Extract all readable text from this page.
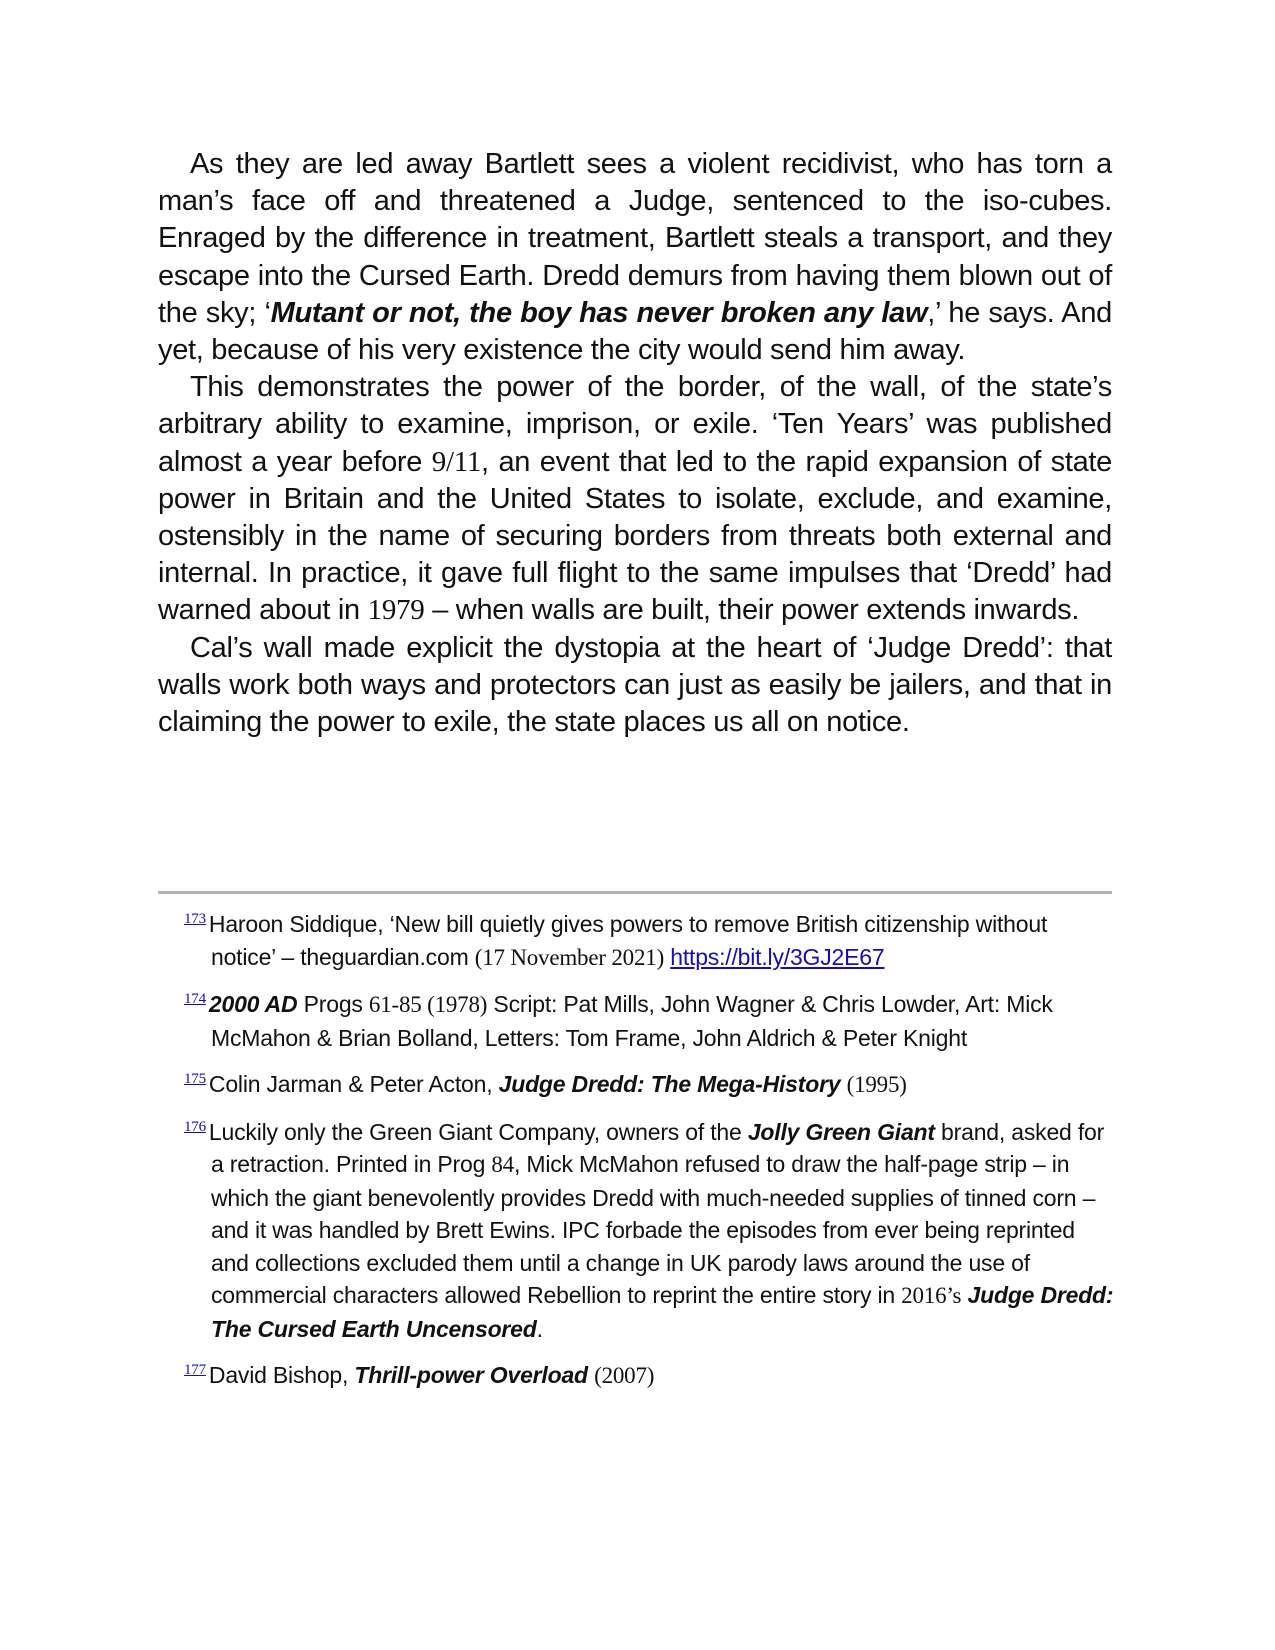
As they are led away Bartlett sees a violent recidivist, who has torn a man’s face off and threatened a Judge, sentenced to the iso-cubes. Enraged by the difference in treatment, Bartlett steals a transport, and they escape into the Cursed Earth. Dredd demurs from having them blown out of the sky; ‘Mutant or not, the boy has never broken any law,’ he says. And yet, because of his very existence the city would send him away.

This demonstrates the power of the border, of the wall, of the state’s arbitrary ability to examine, imprison, or exile. ‘Ten Years’ was published almost a year before 9/11, an event that led to the rapid expansion of state power in Britain and the United States to isolate, exclude, and examine, ostensibly in the name of securing borders from threats both external and internal. In practice, it gave full flight to the same impulses that ‘Dredd’ had warned about in 1979 – when walls are built, their power extends inwards.

Cal’s wall made explicit the dystopia at the heart of ‘Judge Dredd’: that walls work both ways and protectors can just as easily be jailers, and that in claiming the power to exile, the state places us all on notice.

$^{173}$ Haroon Siddique, ‘New bill quietly gives powers to remove British citizenship without notice’ – theguardian.com (17 November 2021) https://bit.ly/3GJ2E67

$^{174}$ 2000 AD Progs 61-85 (1978) Script: Pat Mills, John Wagner & Chris Lowder, Art: Mick McMahon & Brian Bolland, Letters: Tom Frame, John Aldrich & Peter Knight

$^{175}$ Colin Jarman & Peter Acton, Judge Dredd: The Mega-History (1995)

$^{176}$ Luckily only the Green Giant Company, owners of the Jolly Green Giant brand, asked for a retraction. Printed in Prog 84, Mick McMahon refused to draw the half-page strip – in which the giant benevolently provides Dredd with much-needed supplies of tinned corn – and it was handled by Brett Ewins. IPC forbade the episodes from ever being reprinted and collections excluded them until a change in UK parody laws around the use of commercial characters allowed Rebellion to reprint the entire story in 2016’s Judge Dredd: The Cursed Earth Uncensored.

$^{177}$ David Bishop, Thrill-power Overload (2007)
